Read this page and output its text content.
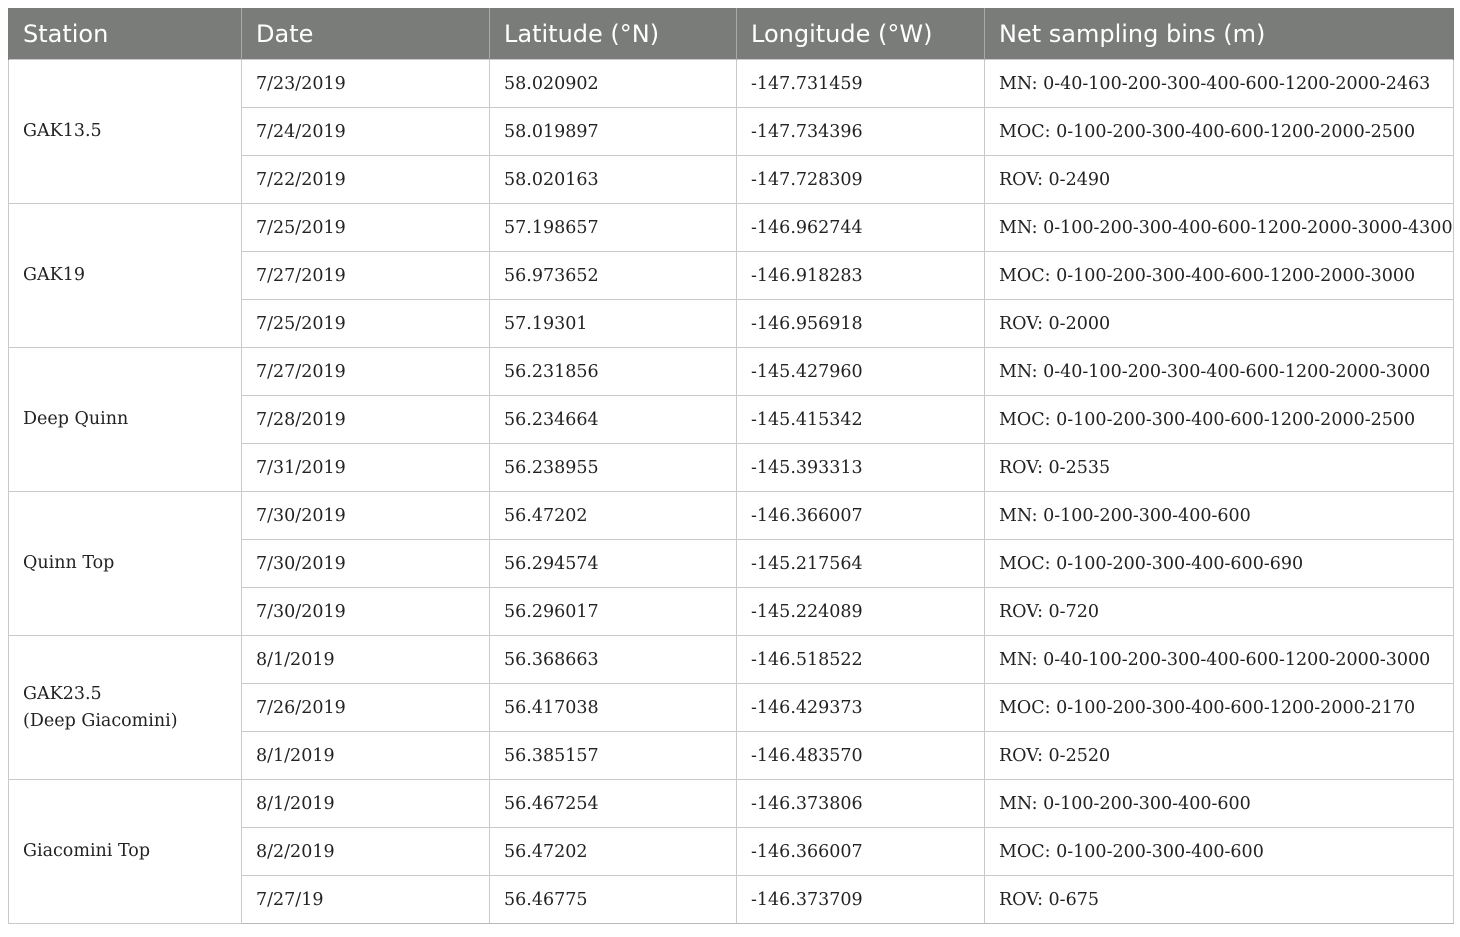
Station	Date	Latitude (°N)	Longitude (°W)	Net sampling bins (m)

GAK13.5	7/23/2019	58.020902	-147.731459	MN: 0-40-100-200-300-400-600-1200-2000-2463
	7/24/2019	58.019897	-147.734396	MOC: 0-100-200-300-400-600-1200-2000-2500
	7/22/2019	58.020163	-147.728309	ROV: 0-2490

GAK19	7/25/2019	57.198657	-146.962744	MN: 0-100-200-300-400-600-1200-2000-3000-4300
	7/27/2019	56.973652	-146.918283	MOC: 0-100-200-300-400-600-1200-2000-3000
	7/25/2019	57.19301	-146.956918	ROV: 0-2000

Deep Quinn	7/27/2019	56.231856	-145.427960	MN: 0-40-100-200-300-400-600-1200-2000-3000
	7/28/2019	56.234664	-145.415342	MOC: 0-100-200-300-400-600-1200-2000-2500
	7/31/2019	56.238955	-145.393313	ROV: 0-2535

Quinn Top	7/30/2019	56.47202	-146.366007	MN: 0-100-200-300-400-600
	7/30/2019	56.294574	-145.217564	MOC: 0-100-200-300-400-600-690
	7/30/2019	56.296017	-145.224089	ROV: 0-720

GAK23.5
(Deep Giacomini)	8/1/2019	56.368663	-146.518522	MN: 0-40-100-200-300-400-600-1200-2000-3000
	7/26/2019	56.417038	-146.429373	MOC: 0-100-200-300-400-600-1200-2000-2170
	8/1/2019	56.385157	-146.483570	ROV: 0-2520

Giacomini Top	8/1/2019	56.467254	-146.373806	MN: 0-100-200-300-400-600
	8/2/2019	56.47202	-146.366007	MOC: 0-100-200-300-400-600
	7/27/19	56.46775	-146.373709	ROV: 0-675
